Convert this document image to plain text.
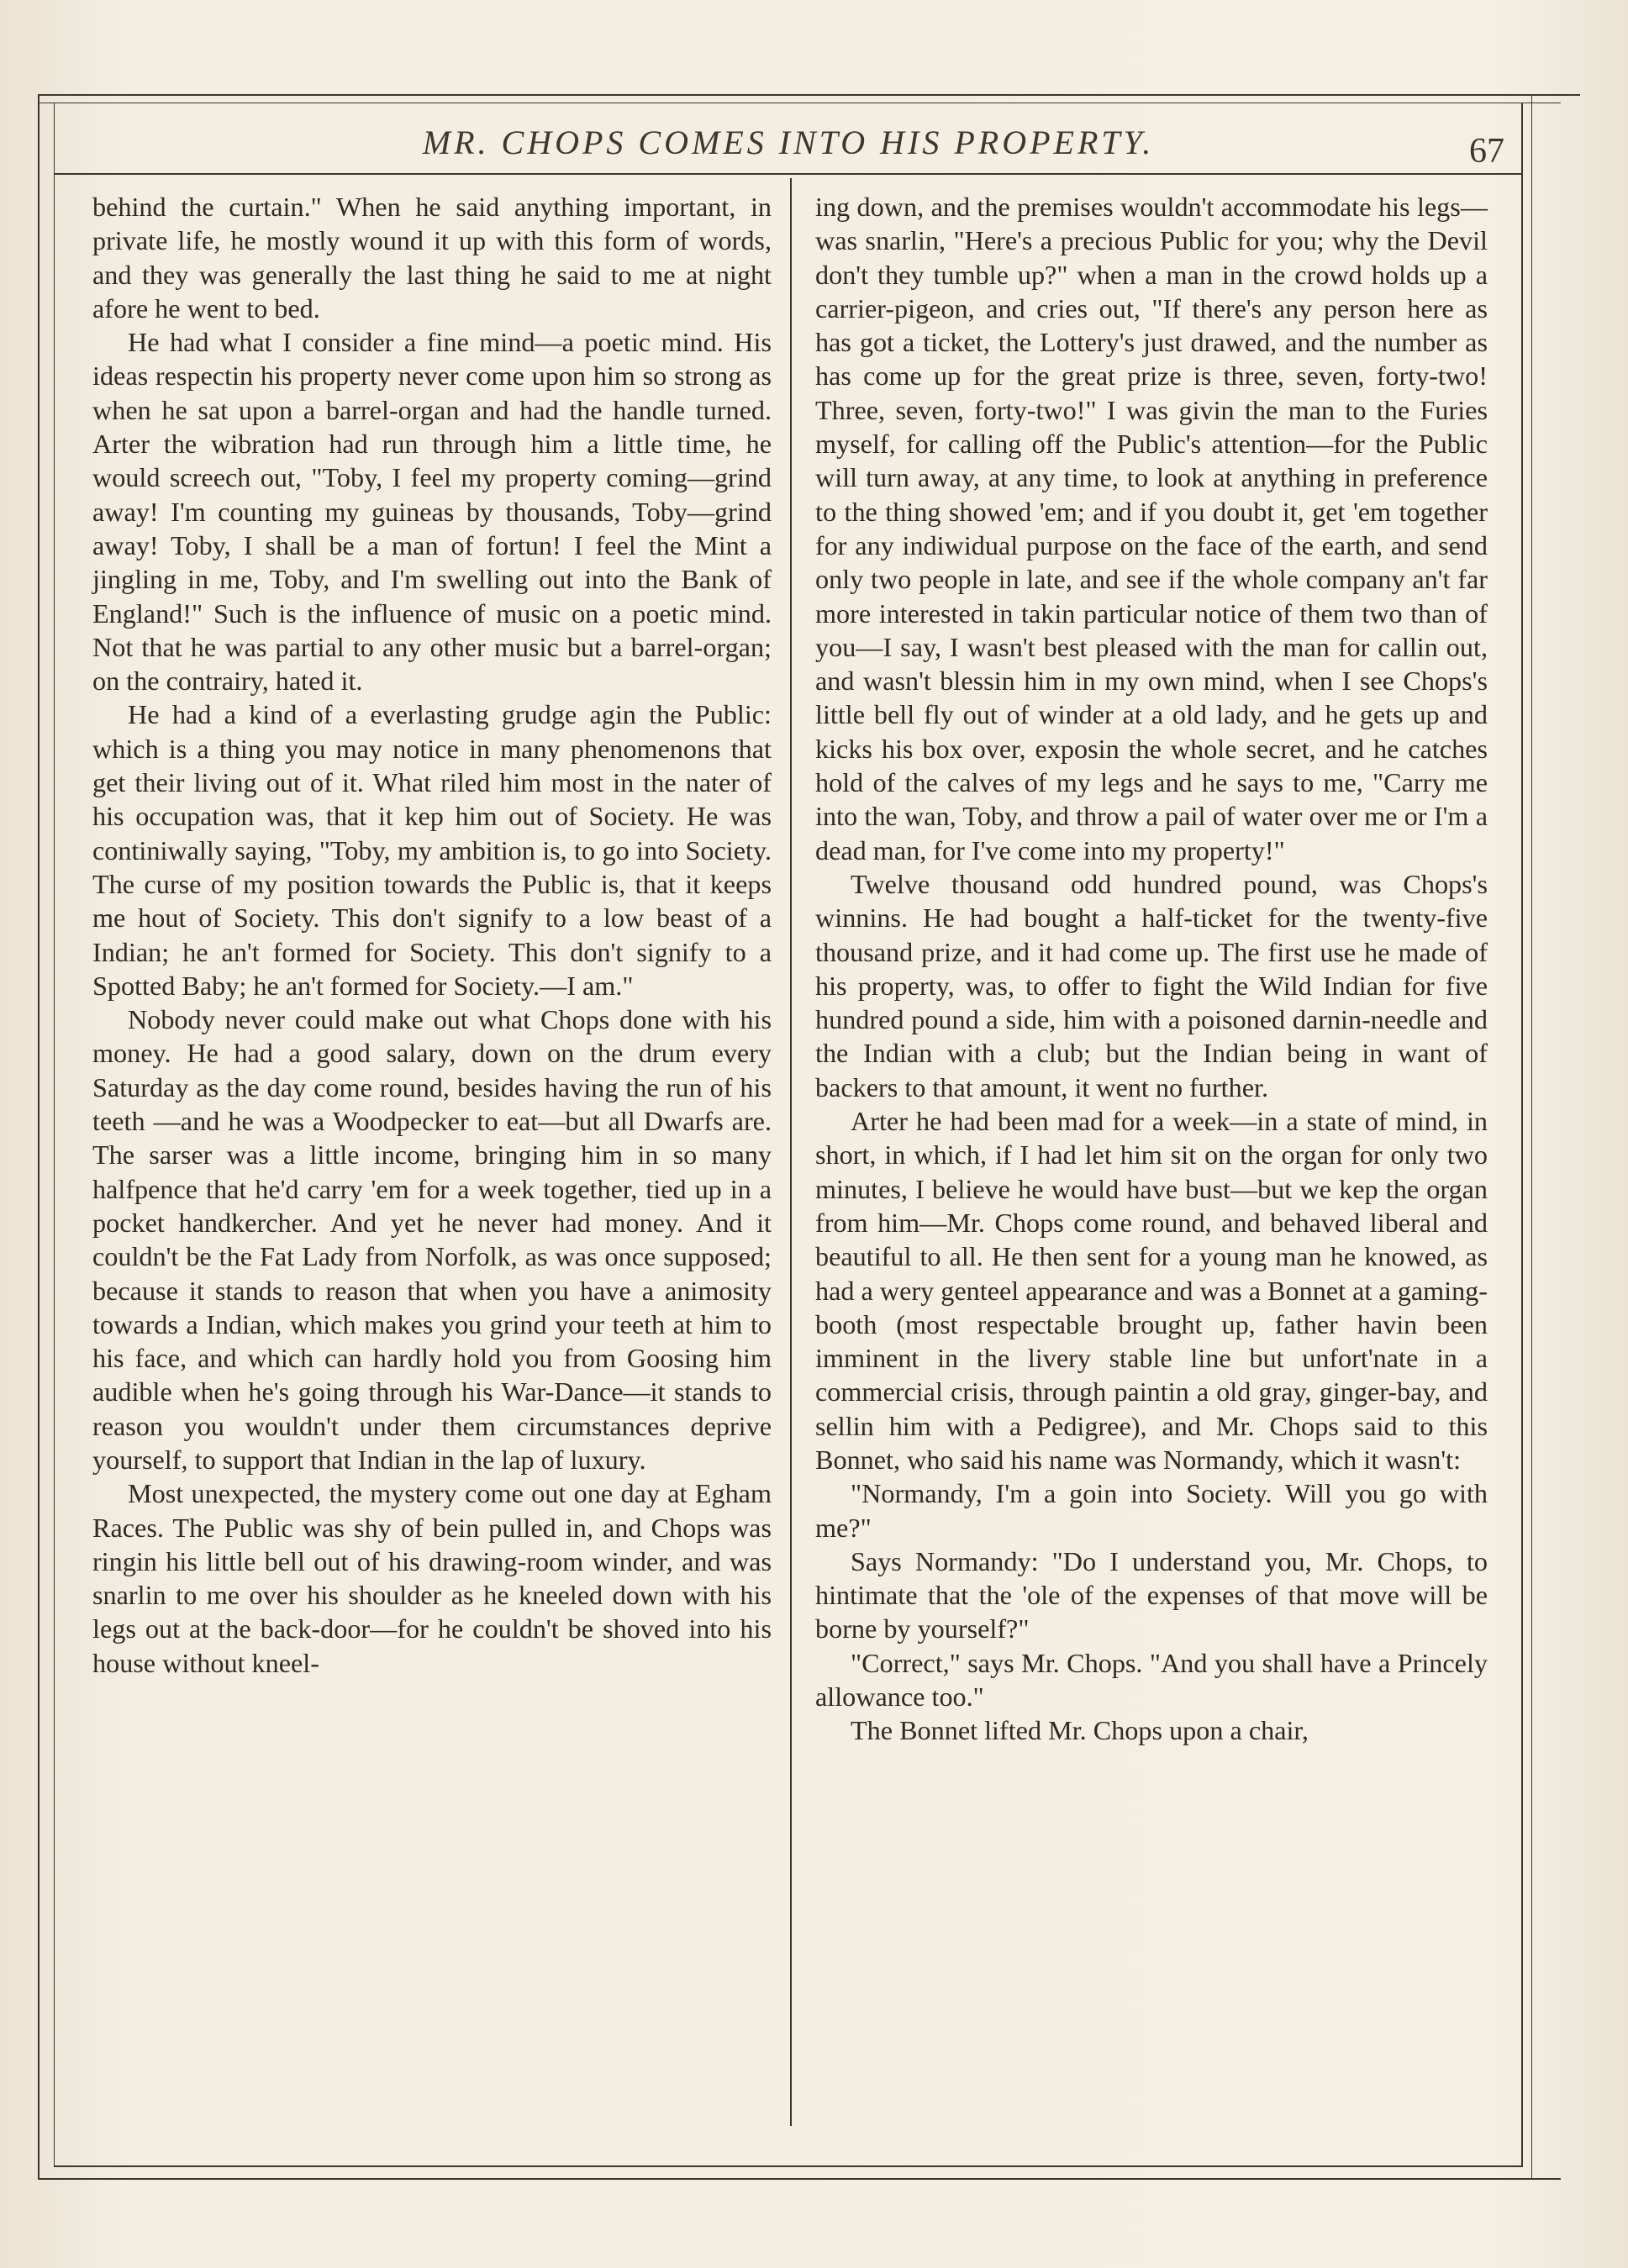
MR. CHOPS COMES INTO HIS PROPERTY.	67

behind the curtain." When he said anything important, in private life, he mostly wound it up with this form of words, and they was generally the last thing he said to me at night afore he went to bed.

He had what I consider a fine mind—a poetic mind. His ideas respectin his property never come upon him so strong as when he sat upon a barrel-organ and had the handle turned. Arter the wibration had run through him a little time, he would screech out, "Toby, I feel my property coming—grind away! I'm counting my guineas by thousands, Toby—grind away! Toby, I shall be a man of fortun! I feel the Mint a jingling in me, Toby, and I'm swelling out into the Bank of England!" Such is the influence of music on a poetic mind. Not that he was partial to any other music but a barrel-organ; on the contrairy, hated it.

He had a kind of a everlasting grudge agin the Public: which is a thing you may notice in many phenomenons that get their living out of it. What riled him most in the nater of his occupation was, that it kep him out of Society. He was continiwally saying, "Toby, my ambition is, to go into Society. The curse of my position towards the Public is, that it keeps me hout of Society. This don't signify to a low beast of a Indian; he an't formed for Society. This don't signify to a Spotted Baby; he an't formed for Society.—I am."

Nobody never could make out what Chops done with his money. He had a good salary, down on the drum every Saturday as the day come round, besides having the run of his teeth —and he was a Woodpecker to eat—but all Dwarfs are. The sarser was a little income, bringing him in so many halfpence that he'd carry 'em for a week together, tied up in a pocket handkercher. And yet he never had money. And it couldn't be the Fat Lady from Norfolk, as was once supposed; because it stands to reason that when you have a animosity towards a Indian, which makes you grind your teeth at him to his face, and which can hardly hold you from Goosing him audible when he's going through his War-Dance—it stands to reason you wouldn't under them circumstances deprive yourself, to support that Indian in the lap of luxury.

Most unexpected, the mystery come out one day at Egham Races. The Public was shy of bein pulled in, and Chops was ringin his little bell out of his drawing-room winder, and was snarlin to me over his shoulder as he kneeled down with his legs out at the back-door—for he couldn't be shoved into his house without kneel-

ing down, and the premises wouldn't accommodate his legs—was snarlin, "Here's a precious Public for you; why the Devil don't they tumble up?" when a man in the crowd holds up a carrier-pigeon, and cries out, "If there's any person here as has got a ticket, the Lottery's just drawed, and the number as has come up for the great prize is three, seven, forty-two! Three, seven, forty-two!" I was givin the man to the Furies myself, for calling off the Public's attention—for the Public will turn away, at any time, to look at anything in preference to the thing showed 'em; and if you doubt it, get 'em together for any indiwidual purpose on the face of the earth, and send only two people in late, and see if the whole company an't far more interested in takin particular notice of them two than of you—I say, I wasn't best pleased with the man for callin out, and wasn't blessin him in my own mind, when I see Chops's little bell fly out of winder at a old lady, and he gets up and kicks his box over, exposin the whole secret, and he catches hold of the calves of my legs and he says to me, "Carry me into the wan, Toby, and throw a pail of water over me or I'm a dead man, for I've come into my property!"

Twelve thousand odd hundred pound, was Chops's winnins. He had bought a half-ticket for the twenty-five thousand prize, and it had come up. The first use he made of his property, was, to offer to fight the Wild Indian for five hundred pound a side, him with a poisoned darnin-needle and the Indian with a club; but the Indian being in want of backers to that amount, it went no further.

Arter he had been mad for a week—in a state of mind, in short, in which, if I had let him sit on the organ for only two minutes, I believe he would have bust—but we kep the organ from him—Mr. Chops come round, and behaved liberal and beautiful to all. He then sent for a young man he knowed, as had a wery genteel appearance and was a Bonnet at a gaming-booth (most respectable brought up, father havin been imminent in the livery stable line but unfort'nate in a commercial crisis, through paintin a old gray, ginger-bay, and sellin him with a Pedigree), and Mr. Chops said to this Bonnet, who said his name was Normandy, which it wasn't:

"Normandy, I'm a goin into Society. Will you go with me?"

Says Normandy: "Do I understand you, Mr. Chops, to hintimate that the 'ole of the expenses of that move will be borne by yourself?"

"Correct," says Mr. Chops. "And you shall have a Princely allowance too."

The Bonnet lifted Mr. Chops upon a chair,
